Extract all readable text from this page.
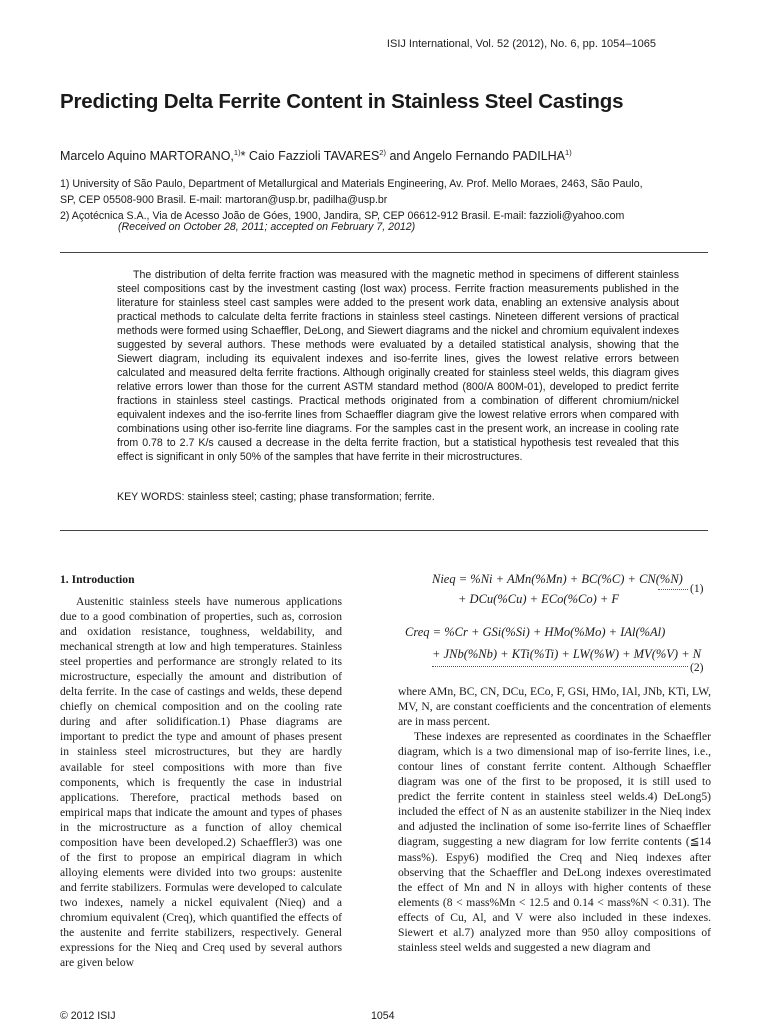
ISIJ International, Vol. 52 (2012), No. 6, pp. 1054–1065
Predicting Delta Ferrite Content in Stainless Steel Castings
Marcelo Aquino MARTORANO,$^{1)}$* Caio Fazzioli TAVARES$^{2)}$ and Angelo Fernando PADILHA$^{1)}$
1) University of São Paulo, Department of Metallurgical and Materials Engineering, Av. Prof. Mello Moraes, 2463, São Paulo,
SP, CEP 05508-900 Brasil. E-mail: martoran@usp.br, padilha@usp.br
2) Açotécnica S.A., Via de Acesso João de Góes, 1900, Jandira, SP, CEP 06612-912 Brasil. E-mail: fazzioli@yahoo.com
(Received on October 28, 2011; accepted on February 7, 2012)

The distribution of delta ferrite fraction was measured with the magnetic method in specimens of different stainless steel compositions cast by the investment casting (lost wax) process. Ferrite fraction measurements published in the literature for stainless steel cast samples were added to the present work data, enabling an extensive analysis about practical methods to calculate delta ferrite fractions in stainless steel castings. Nineteen different versions of practical methods were formed using Schaeffler, DeLong, and Siewert diagrams and the nickel and chromium equivalent indexes suggested by several authors. These methods were evaluated by a detailed statistical analysis, showing that the Siewert diagram, including its equivalent indexes and iso-ferrite lines, gives the lowest relative errors between calculated and measured delta ferrite fractions. Although originally created for stainless steel welds, this diagram gives relative errors lower than those for the current ASTM standard method (800/A 800M-01), developed to predict ferrite fractions in stainless steel castings. Practical methods originated from a combination of different chromium/nickel equivalent indexes and the iso-ferrite lines from Schaeffler diagram give the lowest relative errors when compared with combinations using other iso-ferrite line diagrams. For the samples cast in the present work, an increase in cooling rate from 0.78 to 2.7 K/s caused a decrease in the delta ferrite fraction, but a statistical hypothesis test revealed that this effect is significant in only 50% of the samples that have ferrite in their microstructures.

KEY WORDS: stainless steel; casting; phase transformation; ferrite.
1. Introduction

Austenitic stainless steels have numerous applications due to a good combination of properties, such as, corrosion and oxidation resistance, toughness, weldability, and mechanical strength at low and high temperatures. Stainless steel properties and performance are strongly related to its microstructure, especially the amount and distribution of delta ferrite. In the case of castings and welds, these depend chiefly on chemical composition and on the cooling rate during and after solidification.1) Phase diagrams are important to predict the type and amount of phases present in stainless steel microstructures, but they are hardly available for steel compositions with more than five components, which is frequently the case in industrial applications. Therefore, practical methods based on empirical maps that indicate the amount and types of phases in the microstructure as a function of alloy chemical composition have been developed.2) Schaeffler3) was one of the first to propose an empirical diagram in which alloying elements were divided into two groups: austenite and ferrite stabilizers. Formulas were developed to calculate two indexes, namely a nickel equivalent (Nieq) and a chromium equivalent (Creq), which quantified the effects of the austenite and ferrite stabilizers, respectively. General expressions for the Nieq and Creq used by several authors are given below

Nieq = %Ni + AMn(%Mn) + BC(%C) + CN(%N)
+ DCu(%Cu) + ECo(%Co) + F
(1)
Creq = %Cr + GSi(%Si) + HMo(%Mo) + IAl(%Al)
+ JNb(%Nb) + KTi(%Ti) + LW(%W) + MV(%V) + N
(2)

where AMn, BC, CN, DCu, ECo, F, GSi, HMo, IAl, JNb, KTi, LW, MV, N, are constant coefficients and the concentration of elements are in mass percent.

These indexes are represented as coordinates in the Schaeffler diagram, which is a two dimensional map of iso-ferrite lines, i.e., contour lines of constant ferrite content. Although Schaeffler diagram was one of the first to be proposed, it is still used to predict the ferrite content in stainless steel welds.4) DeLong5) included the effect of N as an austenite stabilizer in the Nieq index and adjusted the inclination of some iso-ferrite lines of Schaeffler diagram, suggesting a new diagram for low ferrite contents (≦14 mass%). Espy6) modified the Creq and Nieq indexes after observing that the Schaeffler and DeLong indexes overestimated the effect of Mn and N in alloys with higher contents of these elements (8 < mass%Mn < 12.5 and 0.14 < mass%N < 0.31). The effects of Cu, Al, and V were also included in these indexes. Siewert et al.7) analyzed more than 950 alloy compositions of stainless steel welds and suggested a new diagram and

© 2012 ISIJ	1054
